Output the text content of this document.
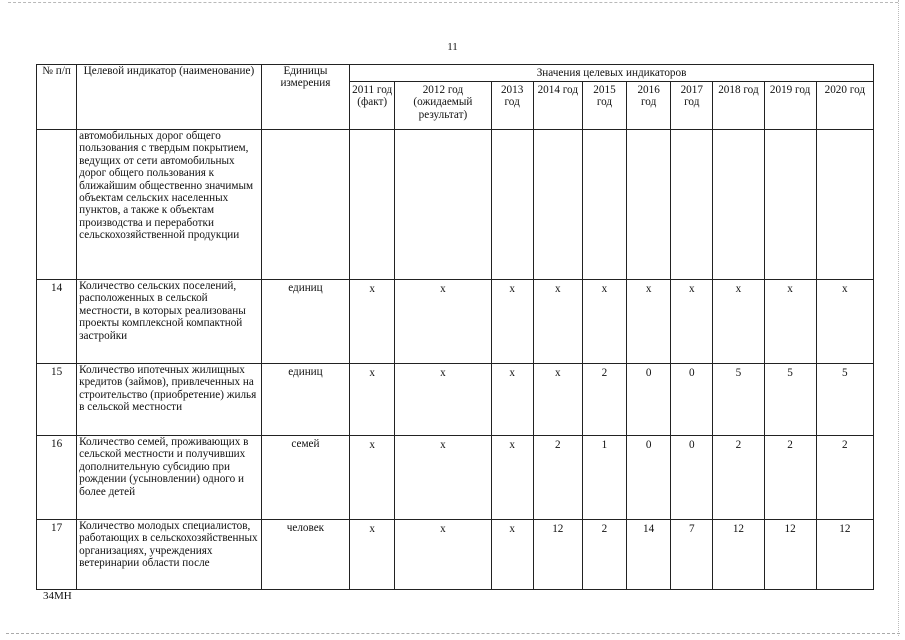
11
№ п/п	Целевой индикатор (наименование)	Единицы измерения	Значения целевых индикаторов									
			2011 год (факт)	2012 год (ожидаемый результат)	2013 год	2014 год	2015 год	2016 год	2017 год	2018 год	2019 год	2020 год
	автомобильных дорог общего пользования с твердым покрытием, ведущих от сети автомобильных дорог общего пользования к ближайшим общественно значимым объектам сельских населенных пунктов, а также к объектам производства и переработки сельскохозяйственной продукции											
14	Количество сельских поселений, расположенных в сельской местности, в которых реализованы проекты комплексной компактной застройки	единиц	х	х	х	х	х	х	х	х	х	х
15	Количество ипотечных жилищных кредитов (займов), привлеченных на строительство (приобретение) жилья в сельской местности	единиц	х	х	х	х	2	0	0	5	5	5
16	Количество семей, проживающих в сельской местности и получивших дополнительную субсидию при рождении (усыновлении) одного и более детей	семей	х	х	х	2	1	0	0	2	2	2
17	Количество молодых специалистов, работающих в сельскохозяйственных организациях, учреждениях ветеринарии области после	человек	х	х	х	12	2	14	7	12	12	12
34МН
